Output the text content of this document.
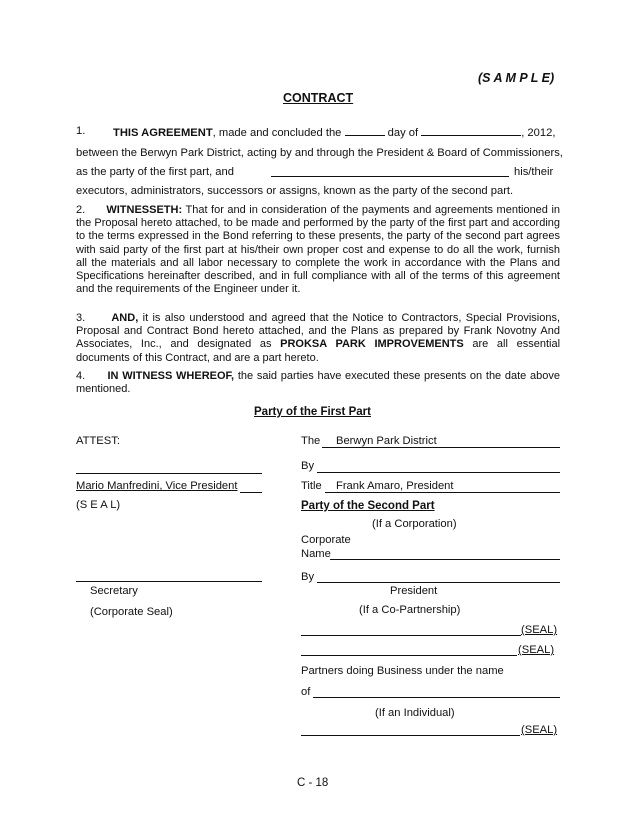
(S A M P L E)
CONTRACT
1. THIS AGREEMENT, made and concluded the	day of	, 2012,
between the Berwyn Park District, acting by and through the President & Board of Commissioners,
as the party of the first part, and	his/their
executors, administrators, successors or assigns, known as the party of the second part.
2. WITNESSETH: That for and in consideration of the payments and agreements mentioned in the Proposal hereto attached, to be made and performed by the party of the first part and according to the terms expressed in the Bond referring to these presents, the party of the second part agrees with said party of the first part at his/their own proper cost and expense to do all the work, furnish all the materials and all labor necessary to complete the work in accordance with the Plans and Specifications hereinafter described, and in full compliance with all of the terms of this agreement and the requirements of the Engineer under it.
3. AND, it is also understood and agreed that the Notice to Contractors, Special Provisions, Proposal and Contract Bond hereto attached, and the Plans as prepared by Frank Novotny And Associates, Inc., and designated as PROKSA PARK IMPROVEMENTS are all essential documents of this Contract, and are a part hereto.
4. IN WITNESS WHEREOF, the said parties have executed these presents on the date above mentioned.
Party of the First Part
ATTEST:
Mario Manfredini, Vice President
(S E A L)
Secretary
(Corporate Seal)
The Berwyn Park District
By
Title Frank Amaro, President
Party of the Second Part
(If a Corporation)
Corporate
Name
By
President
(If a Co-Partnership)
(SEAL)
(SEAL)
Partners doing Business under the name
of
(If an Individual)
(SEAL)
C - 18
